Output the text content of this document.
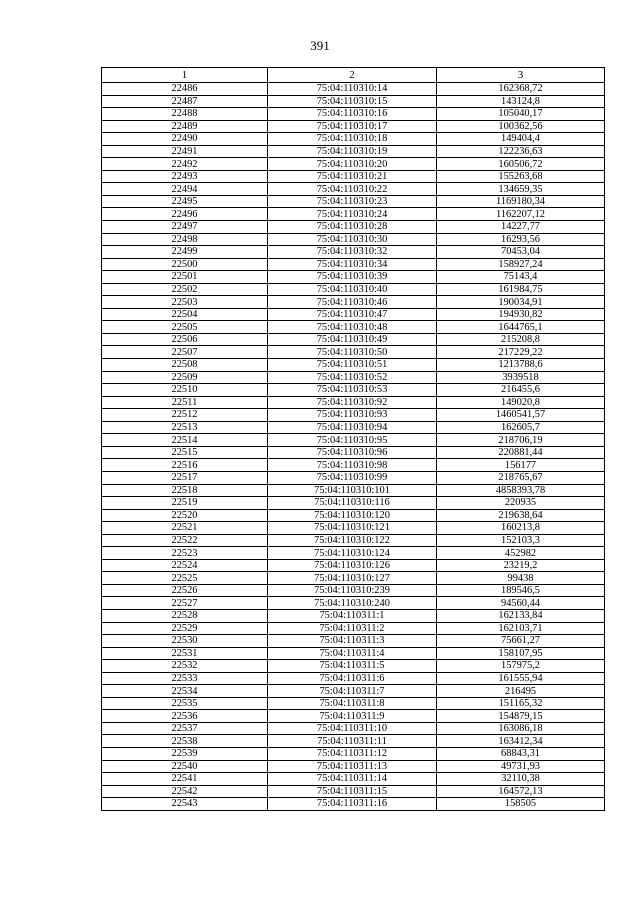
391
1	2	3
22486	75:04:110310:14	162368,72
22487	75:04:110310:15	143124,8
22488	75:04:110310:16	105040,17
22489	75:04:110310:17	100362,56
22490	75:04:110310:18	149404,4
22491	75:04:110310:19	122236,63
22492	75:04:110310:20	160506,72
22493	75:04:110310:21	155263,68
22494	75:04:110310:22	134659,35
22495	75:04:110310:23	1169180,34
22496	75:04:110310:24	1162207,12
22497	75:04:110310:28	14227,77
22498	75:04:110310:30	16293,56
22499	75:04:110310:32	70453,04
22500	75:04:110310:34	158927,24
22501	75:04:110310:39	75143,4
22502	75:04:110310:40	161984,75
22503	75:04:110310:46	190034,91
22504	75:04:110310:47	194930,82
22505	75:04:110310:48	1644765,1
22506	75:04:110310:49	215208,8
22507	75:04:110310:50	217229,22
22508	75:04:110310:51	1213788,6
22509	75:04:110310:52	3939518
22510	75:04:110310:53	216455,6
22511	75:04:110310:92	149020,8
22512	75:04:110310:93	1460541,57
22513	75:04:110310:94	162605,7
22514	75:04:110310:95	218706,19
22515	75:04:110310:96	220881,44
22516	75:04:110310:98	156177
22517	75:04:110310:99	218765,67
22518	75:04:110310:101	4858393,78
22519	75:04:110310:116	220935
22520	75:04:110310:120	219638,64
22521	75:04:110310:121	160213,8
22522	75:04:110310:122	152103,3
22523	75:04:110310:124	452982
22524	75:04:110310:126	23219,2
22525	75:04:110310:127	99438
22526	75:04:110310:239	189546,5
22527	75:04:110310:240	94560,44
22528	75:04:110311:1	162133,84
22529	75:04:110311:2	162103,71
22530	75:04:110311:3	75661,27
22531	75:04:110311:4	158107,95
22532	75:04:110311:5	157975,2
22533	75:04:110311:6	161555,94
22534	75:04:110311:7	216495
22535	75:04:110311:8	151165,32
22536	75:04:110311:9	154879,15
22537	75:04:110311:10	163086,18
22538	75:04:110311:11	163412,34
22539	75:04:110311:12	68843,31
22540	75:04:110311:13	49731,93
22541	75:04:110311:14	32110,38
22542	75:04:110311:15	164572,13
22543	75:04:110311:16	158505
